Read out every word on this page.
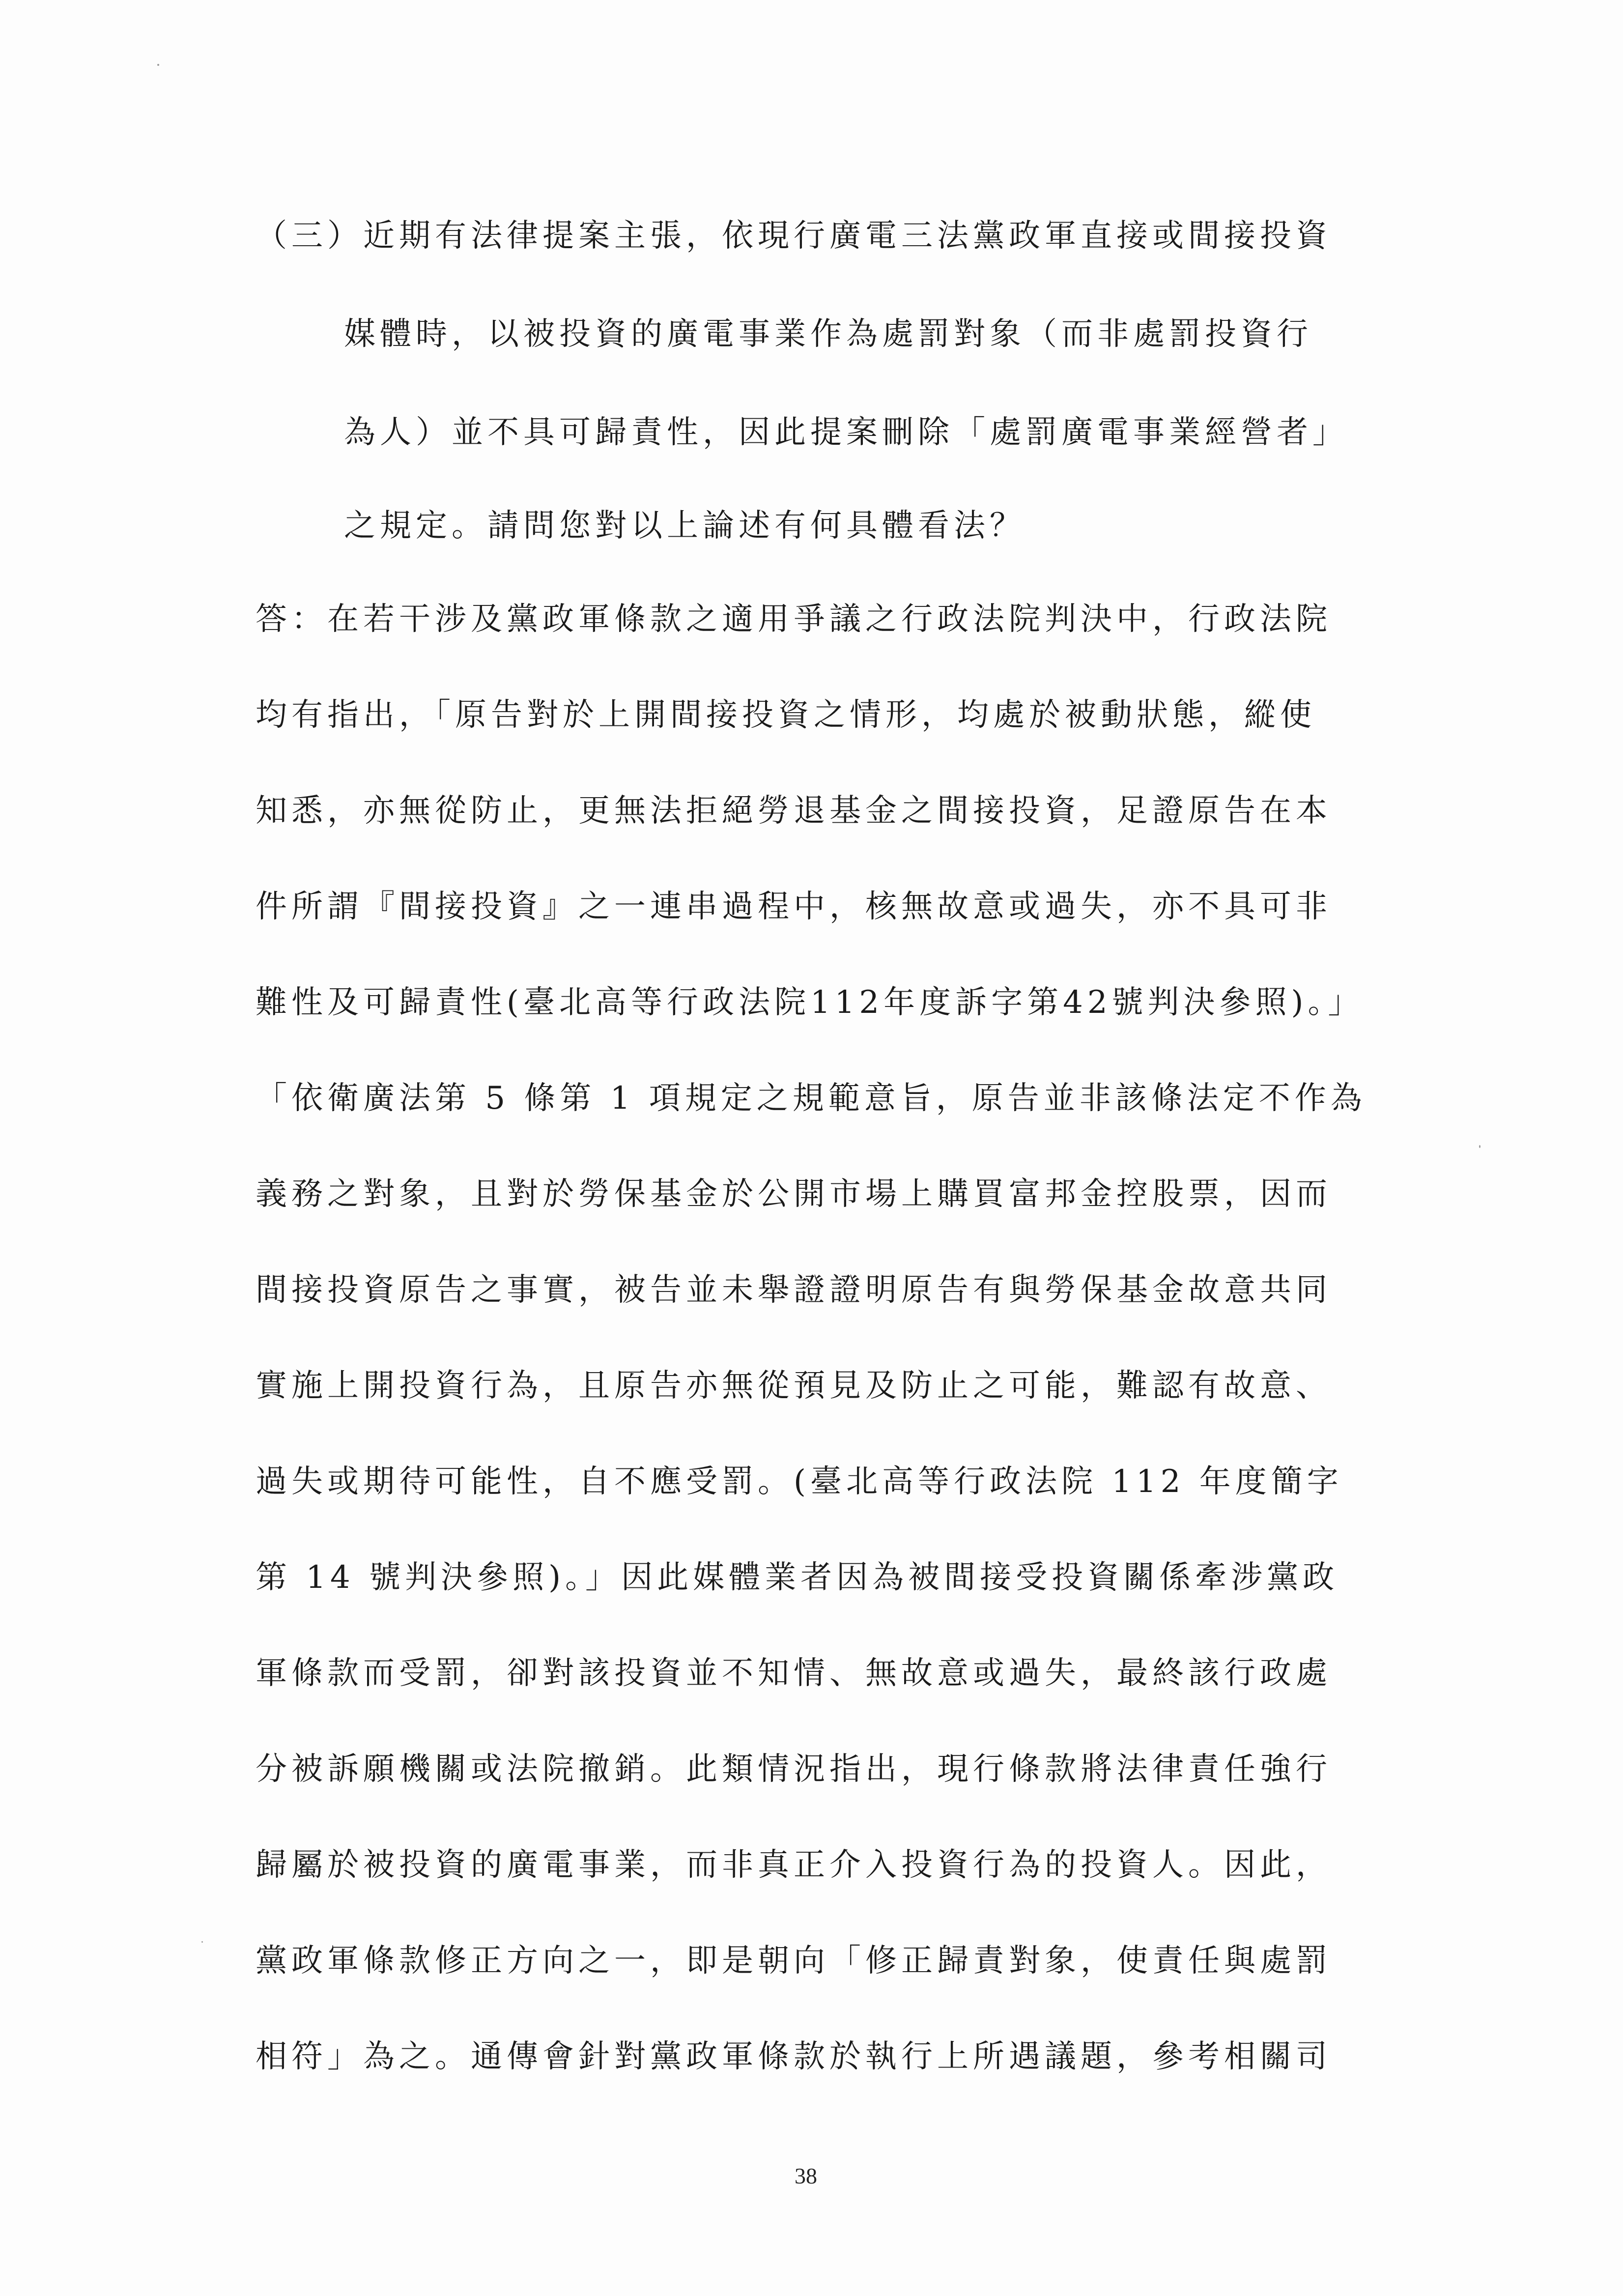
（三）近期有法律提案主張，依現行廣電三法黨政軍直接或間接投資
媒體時，以被投資的廣電事業作為處罰對象（而非處罰投資行
為人）並不具可歸責性，因此提案刪除「處罰廣電事業經營者」
之規定。請問您對以上論述有何具體看法？
答：在若干涉及黨政軍條款之適用爭議之行政法院判決中，行政法院
均有指出，「原告對於上開間接投資之情形，均處於被動狀態，縱使
知悉，亦無從防止，更無法拒絕勞退基金之間接投資，足證原告在本
件所謂『間接投資』之一連串過程中，核無故意或過失，亦不具可非
難性及可歸責性(臺北高等行政法院112年度訴字第42號判決參照)。」
「依衛廣法第 5 條第 1 項規定之規範意旨，原告並非該條法定不作為
義務之對象，且對於勞保基金於公開市場上購買富邦金控股票，因而
間接投資原告之事實，被告並未舉證證明原告有與勞保基金故意共同
實施上開投資行為，且原告亦無從預見及防止之可能，難認有故意、
過失或期待可能性，自不應受罰。(臺北高等行政法院 112 年度簡字
第 14 號判決參照)。」因此媒體業者因為被間接受投資關係牽涉黨政
軍條款而受罰，卻對該投資並不知情、無故意或過失，最終該行政處
分被訴願機關或法院撤銷。此類情況指出，現行條款將法律責任強行
歸屬於被投資的廣電事業，而非真正介入投資行為的投資人。因此，
黨政軍條款修正方向之一，即是朝向「修正歸責對象，使責任與處罰
相符」為之。通傳會針對黨政軍條款於執行上所遇議題，參考相關司
38
